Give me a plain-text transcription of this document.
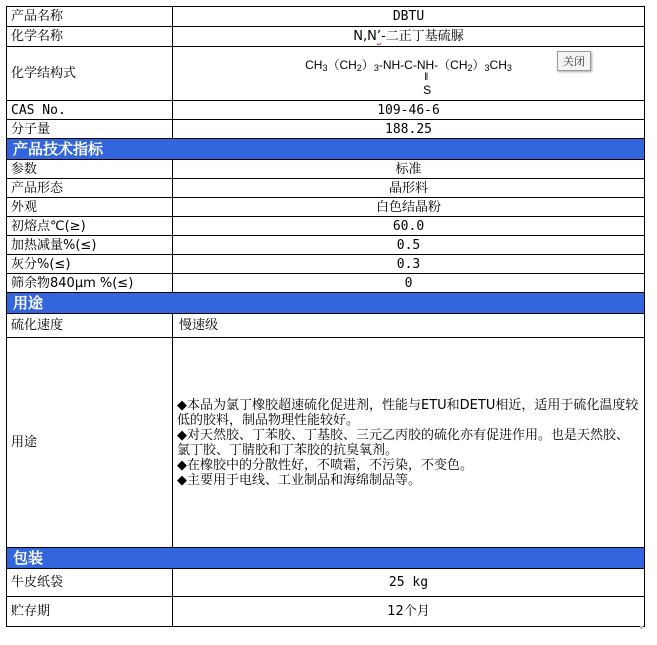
产品名称	DBTU
化学名称	N,N’-二正丁基硫脲
化学结构式	$CH_3(CH_2)_3-NH-C-NH-(CH_2)_3CH_3$
‖
S

CAS No.	109-46-6
分子量	188.25
产品技术指标	
参数	标准
产品形态	晶形料
外观	白色结晶粉
初熔点℃(≥)	60.0
加热减量%(≤)	0.5
灰分%(≤)	0.3
筛余物840μm %(≤)	0
用途	
硫化速度	慢速级
用途	◆本品为氯丁橡胶超速硫化促进剂，性能与ETU和DETU相近，适用于硫化温度较低的胶料，制品物理性能较好。
◆对天然胶、丁苯胶、丁基胶、三元乙丙胶的硫化亦有促进作用。也是天然胶、氯丁胶、丁腈胶和丁苯胶的抗臭氧剂。
◆在橡胶中的分散性好，不喷霜，不污染，不变色。
◆主要用于电线、工业制品和海绵制品等。

包装	
牛皮纸袋	25 kg
贮存期	12个月
关闭
